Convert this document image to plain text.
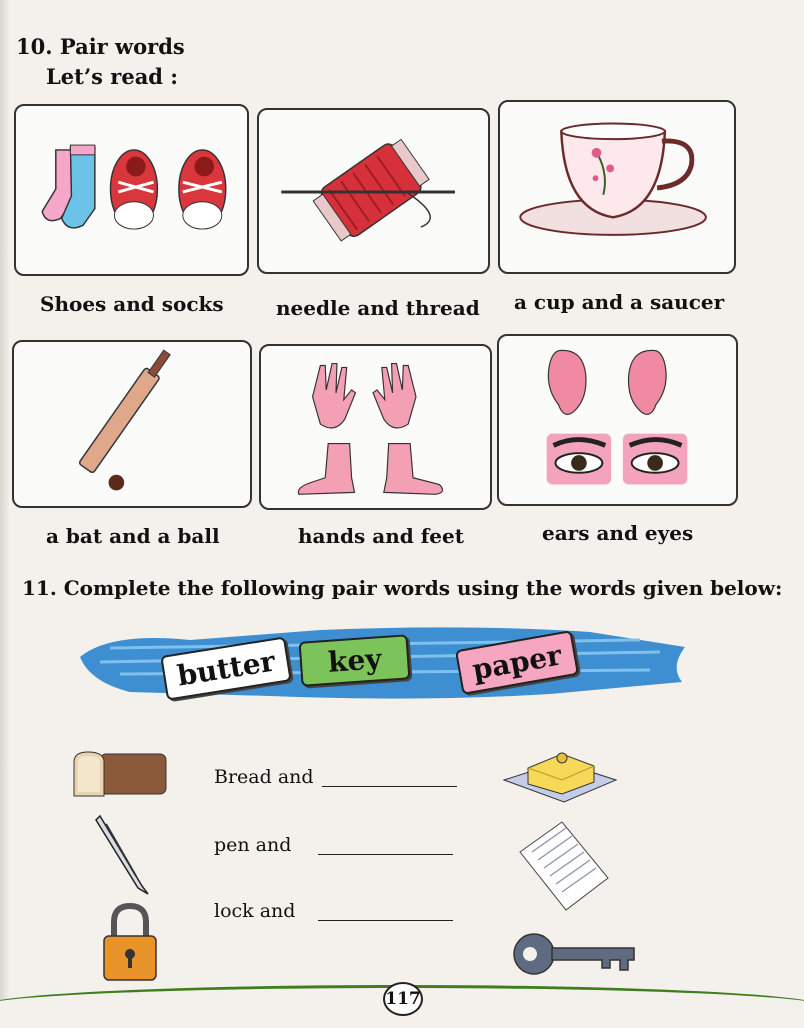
10. Pair words
Let’s read :
Shoes and socks	needle and thread a cup and a saucer
a bat and a ball	hands and feet	ears and eyes
11. Complete the following pair words using the words given below:
butter	key	paper
Bread and
pen and
lock and
117
